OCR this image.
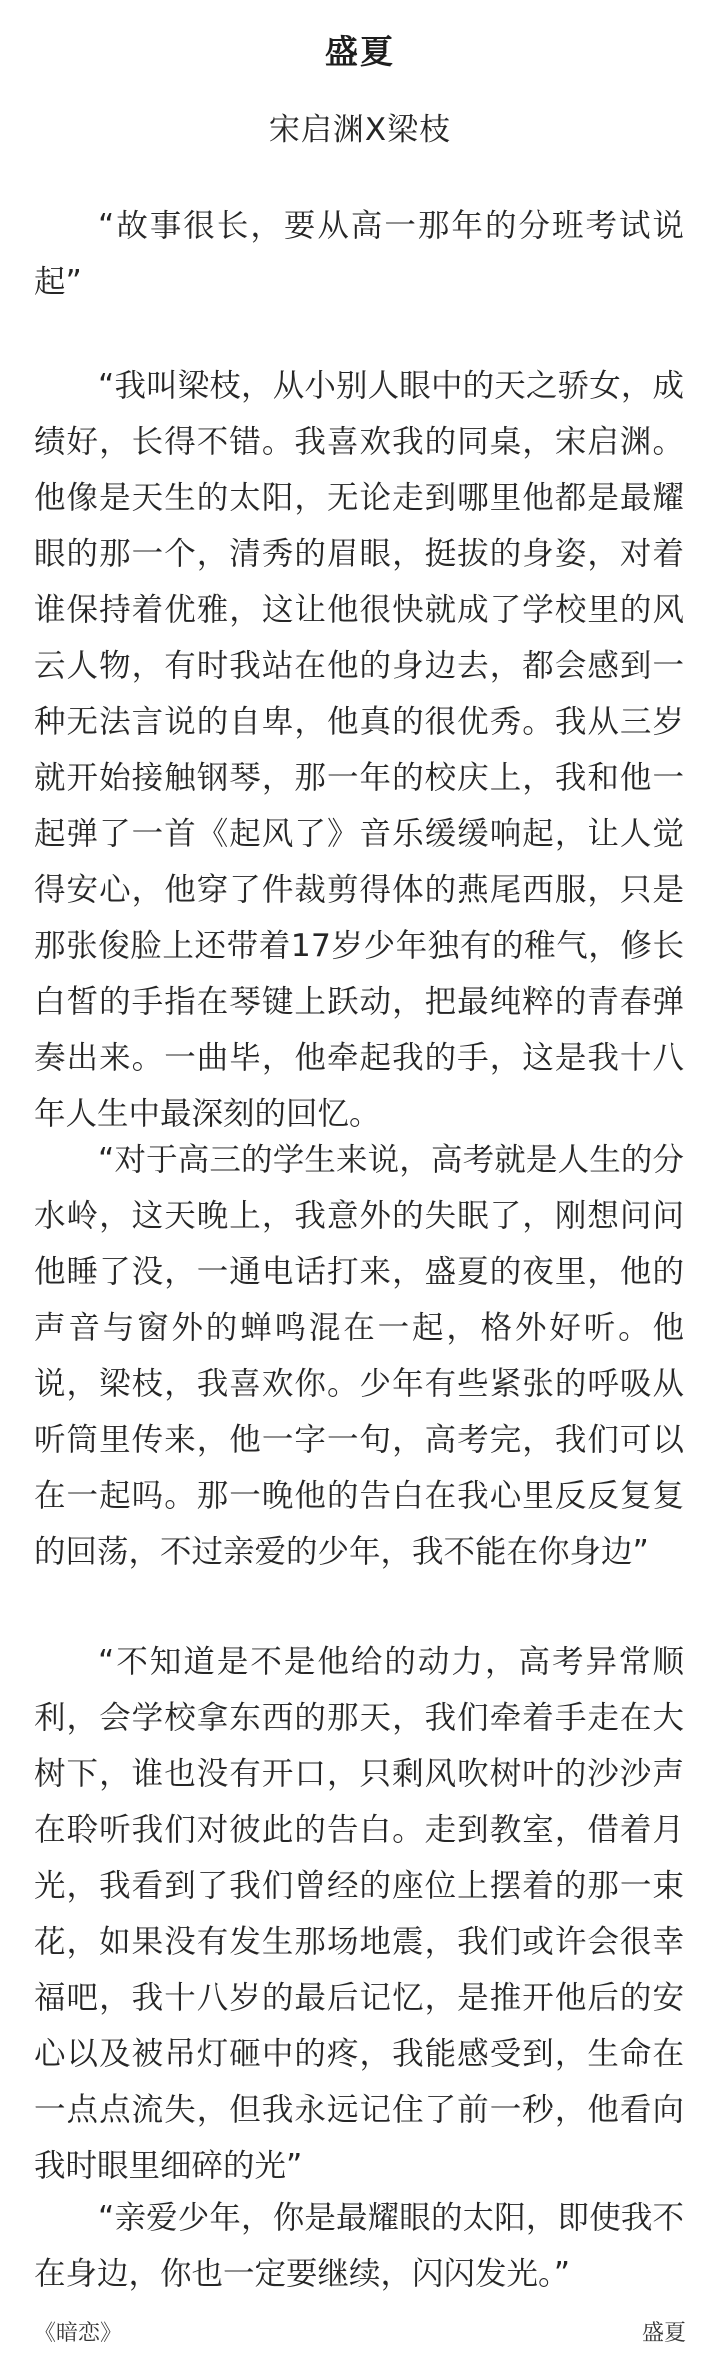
盛夏
宋启渊X梁枝

“故事很长，要从高一那年的分班考试说起”

“我叫梁枝，从小别人眼中的天之骄女，成绩好，长得不错。我喜欢我的同桌，宋启渊。他像是天生的太阳，无论走到哪里他都是最耀眼的那一个，清秀的眉眼，挺拔的身姿，对着谁保持着优雅，这让他很快就成了学校里的风云人物，有时我站在他的身边去，都会感到一种无法言说的自卑，他真的很优秀。我从三岁就开始接触钢琴，那一年的校庆上，我和他一起弹了一首《起风了》音乐缓缓响起，让人觉得安心，他穿了件裁剪得体的燕尾西服，只是那张俊脸上还带着17岁少年独有的稚气，修长白皙的手指在琴键上跃动，把最纯粹的青春弹奏出来。一曲毕，他牵起我的手，这是我十八年人生中最深刻的回忆。

“对于高三的学生来说，高考就是人生的分水岭，这天晚上，我意外的失眠了，刚想问问他睡了没，一通电话打来，盛夏的夜里，他的声音与窗外的蝉鸣混在一起，格外好听。他说，梁枝，我喜欢你。少年有些紧张的呼吸从听筒里传来，他一字一句，高考完，我们可以在一起吗。那一晚他的告白在我心里反反复复的回荡，不过亲爱的少年，我不能在你身边”

“不知道是不是他给的动力，高考异常顺利，会学校拿东西的那天，我们牵着手走在大树下，谁也没有开口，只剩风吹树叶的沙沙声在聆听我们对彼此的告白。走到教室，借着月光，我看到了我们曾经的座位上摆着的那一束花，如果没有发生那场地震，我们或许会很幸福吧，我十八岁的最后记忆，是推开他后的安心以及被吊灯砸中的疼，我能感受到，生命在一点点流失，但我永远记住了前一秒，他看向我时眼里细碎的光”

“亲爱少年，你是最耀眼的太阳，即使我不在身边，你也一定要继续，闪闪发光。”

《暗恋》	盛夏
